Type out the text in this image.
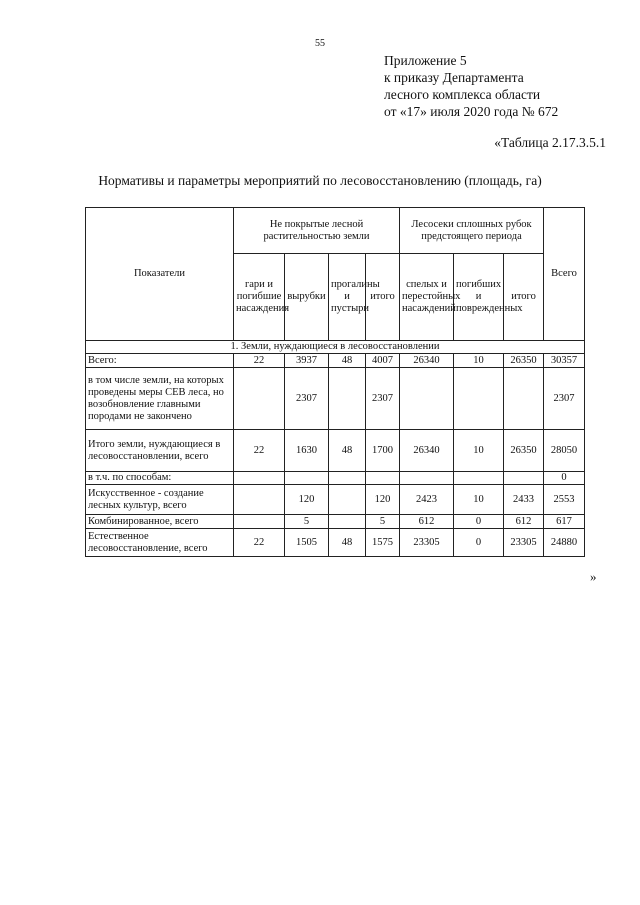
55
Приложение 5
к приказу Департамента
лесного комплекса области
от «17» июля 2020 года № 672
«Таблица 2.17.3.5.1
Нормативы и параметры мероприятий по лесовосстановлению (площадь, га)
Показатели	Не покрытые лесной растительностью земли				Лесосеки сплошных рубок предстоящего периода			Всего
	гари и погибшие насаждения	вырубки	прогалины и пустыри	итого	спелых и перестойных насаждений	погибших и поврежденных	итого	
1. Земли, нуждающиеся в лесовосстановлении								
Всего:	22	3937	48	4007	26340	10	26350	30357
в том числе земли, на которых проведены меры СЕВ леса, но возобновление главными породами не закончено		2307		2307				2307
Итого земли, нуждающиеся в лесовосстановлении, всего	22	1630	48	1700	26340	10	26350	28050
в т.ч. по способам:								0
Искусственное - создание лесных культур, всего		120		120	2423	10	2433	2553
Комбинированное, всего		5		5	612	0	612	617
Естественное лесовосстановление, всего	22	1505	48	1575	23305	0	23305	24880
»
